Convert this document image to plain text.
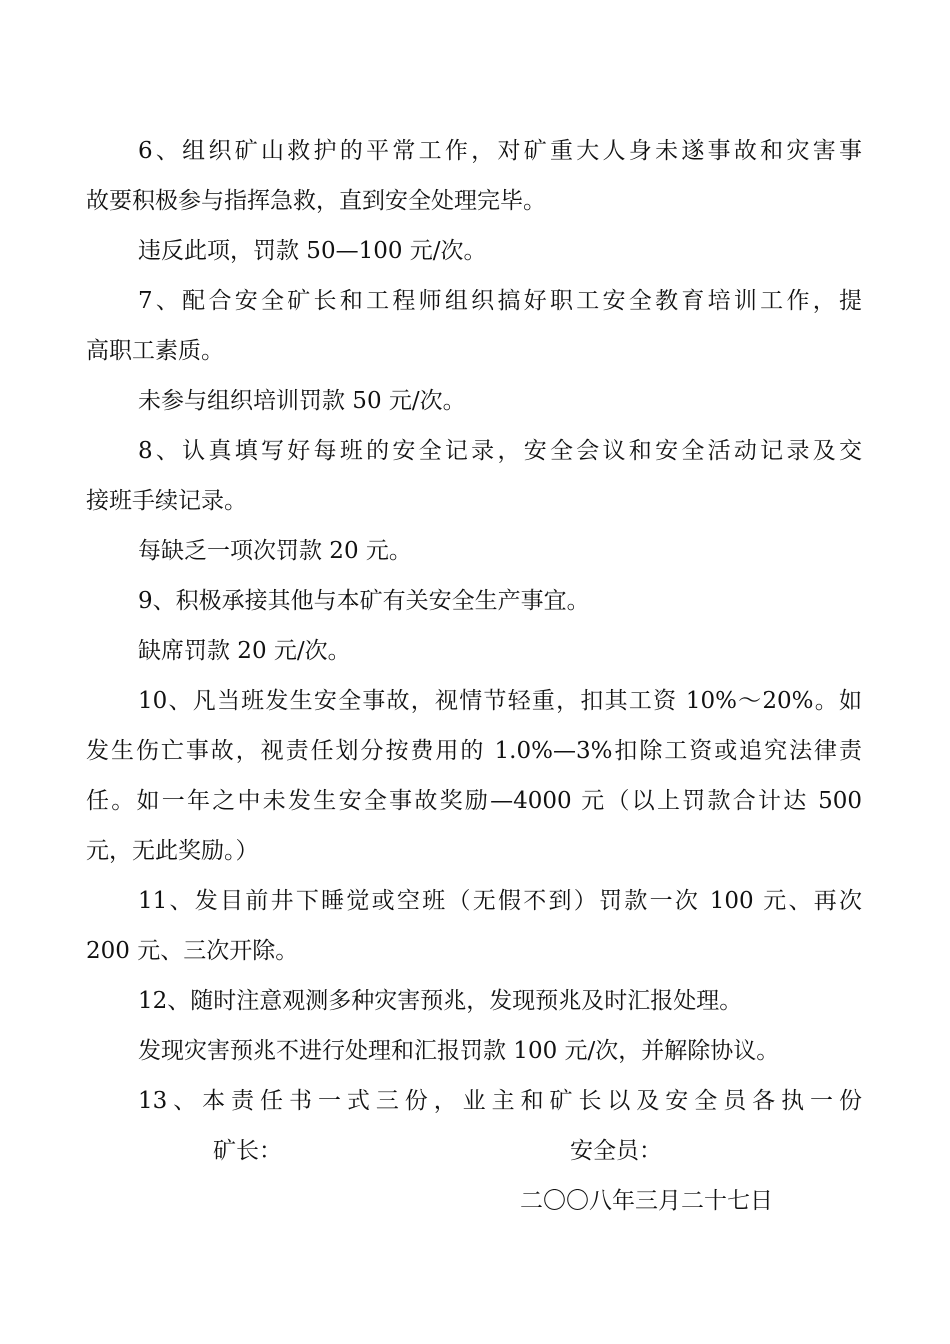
6、组织矿山救护的平常工作，对矿重大人身未遂事故和灾害事
故要积极参与指挥急救，直到安全处理完毕。
违反此项，罚款 50—100 元/次。
7、配合安全矿长和工程师组织搞好职工安全教育培训工作，提
高职工素质。
未参与组织培训罚款 50 元/次。
8、认真填写好每班的安全记录，安全会议和安全活动记录及交
接班手续记录。
每缺乏一项次罚款 20 元。
9、积极承接其他与本矿有关安全生产事宜。
缺席罚款 20 元/次。
10、凡当班发生安全事故，视情节轻重，扣其工资 10%～20%。如
发生伤亡事故，视责任划分按费用的 1.0%—3%扣除工资或追究法律责
任。如一年之中未发生安全事故奖励—4000 元（以上罚款合计达 500
元，无此奖励。）
11、发目前井下睡觉或空班（无假不到）罚款一次 100 元、再次
200 元、三次开除。
12、随时注意观测多种灾害预兆，发现预兆及时汇报处理。
发现灾害预兆不进行处理和汇报罚款 100 元/次，并解除协议。
13、本责任书一式三份，业主和矿长以及安全员各执一份
矿长：	安全员：
二〇〇八年三月二十七日
